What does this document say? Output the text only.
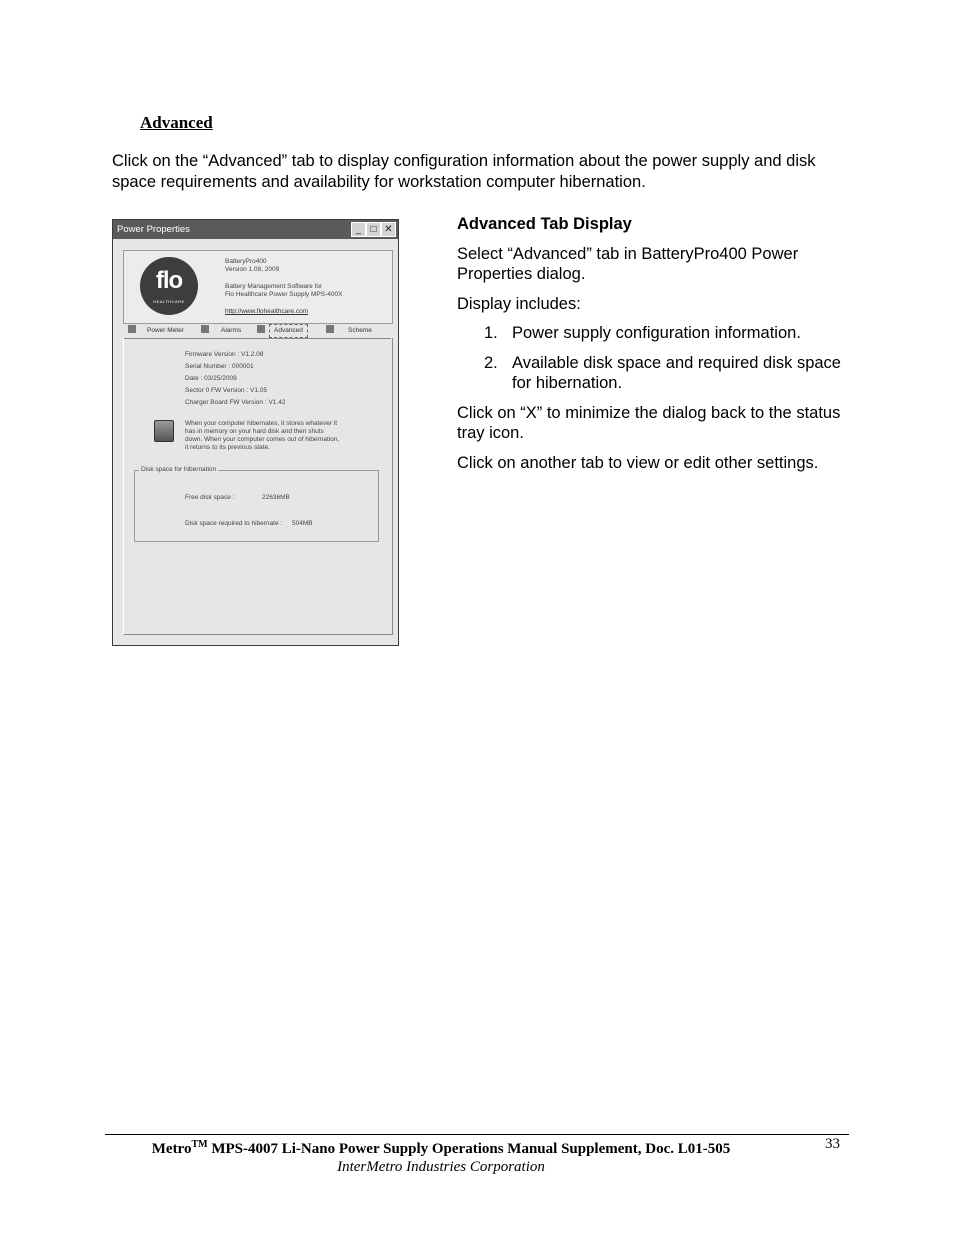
Advanced
Click on the “Advanced” tab to display configuration information about the power supply and disk space requirements and availability for workstation computer hibernation.
Power Properties	_ □ ✕
flo
HEALTHCARE
BatteryPro400
Version 1.08, 2009
Battery Management Software for
Flo Healthcare Power Supply MPS-400X
http://www.flohealthcare.com
Power Meter	Alarms	Advanced	Scheme
Firmware Version : V1.2.08
Serial Number : 000001
Date : 03/25/2009
Sector 0 FW Version : V1.05
Charger Board FW Version : V1.42
When your computer hibernates, it stores whatever it
has in memory on your hard disk and then shuts
down. When your computer comes out of hibernation,
it returns to its previous state.
Disk space for hibernation
Free disk space :	22636MB
Disk space required to hibernate : 504MB
Advanced Tab Display

Select “Advanced” tab in BatteryPro400 Power Properties dialog.

Display includes:

1. Power supply configuration information.
2. Available disk space and required disk space for hibernation.

Click on “X” to minimize the dialog back to the status tray icon.

Click on another tab to view or edit other settings.

Metro™ MPS-4007 Li-Nano Power Supply Operations Manual Supplement, Doc. L01-505
InterMetro Industries Corporation
33
